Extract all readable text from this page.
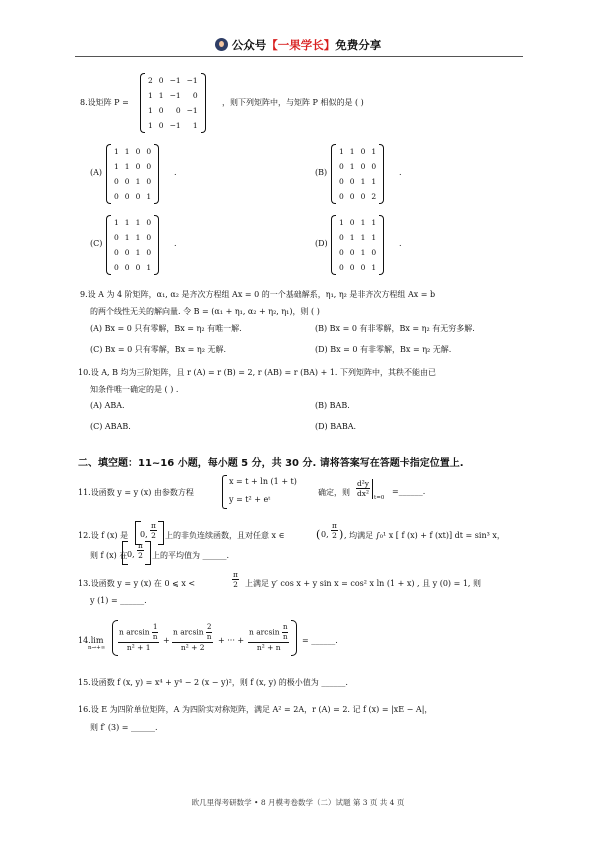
公众号【一果学长】免费分享
8.设矩阵 P =
2	0	−1	−1
1	1	−1	0
1	0	0	−1
1	0	−1	1
，则下列矩阵中，与矩阵 P 相似的是 ( )
(A)
1	1	0	0
1	1	0	0
0	0	1	0
0	0	0	1
.	(B)
1	1	0	1
0	1	0	0
0	0	1	1
0	0	0	2
.
(C)
1	1	1	0
0	1	1	0
0	0	1	0
0	0	0	1
.	(D)
1	0	1	1
0	1	1	1
0	0	1	0
0	0	0	1
.
9.设 A 为 4 阶矩阵，α₁, α₂ 是齐次方程组 Ax = 0 的一个基础解系，η₁, η₂ 是非齐次方程组 Ax = b
的两个线性无关的解向量. 令 B = (α₁ + η₁, α₂ + η₂, η₁)，则 ( )
(A) Bx = 0 只有零解，Bx = η₂ 有唯一解.	(B) Bx = 0 有非零解，Bx = η₂ 有无穷多解.
(C) Bx = 0 只有零解，Bx = η₂ 无解.	(D) Bx = 0 有非零解，Bx = η₂ 无解.
10.设 A, B 均为三阶矩阵，且 r (A) = r (B) = 2, r (AB) = r (BA) + 1. 下列矩阵中，其秩不能由已
知条件唯一确定的是 ( ) .
(A) ABA.	(B) BAB.
(C) ABAB.	(D) BABA.
二、填空题：11~16 小题，每小题 5 分，共 30 分. 请将答案写在答题卡指定位置上.
11.设函数 y = y (x) 由参数方程
x = t + ln (1 + t)
y = t² + eᵗ
确定，则 $\frac{\text{d²y}}{\text{dx²}} t=0$
=______.
12.设 f (x) 是 0, $\frac{\pi}{2}$ 上的非负连续函数，且对任意 x ∈	( 0, $\frac{\pi}{2}$ ) , 均满足 ∫₀¹ x [ f (x) + f (xt)] dt = sin³ x，
则 f (x) 在 0, $\frac{\pi}{2}$ 上的平均值为 ______.
13.设函数 y = y (x) 在 0 ⩽ x <	$\frac{\pi}{2}$ 上满足 y′ cos x + y sin x = cos² x ln (1 + x) , 且 y (0) = 1, 则
y (1) = ______.
14.lim
$n\to+\infty \frac{n \arcsin \frac{1}{n}}{\text{n² + 1}} + \frac{n \arcsin \frac{2}{n}}{\text{n² + 2}}$ + ··· + $\frac{n \arcsin \frac{n}{n}}{\text{n² + n}}$ = ______.
15.设函数 f (x, y) = x⁴ + y⁴ − 2 (x − y)²，则 f (x, y) 的极小值为 ______.
16.设 E 为四阶单位矩阵，A 为四阶实对称矩阵，满足 A² = 2A，r (A) = 2. 记 f (x) = |xE − A|，
则 f′ (3) = ______.
欧几里得考研数学 • 8 月模考卷数学（二）试题 第 3 页 共 4 页
